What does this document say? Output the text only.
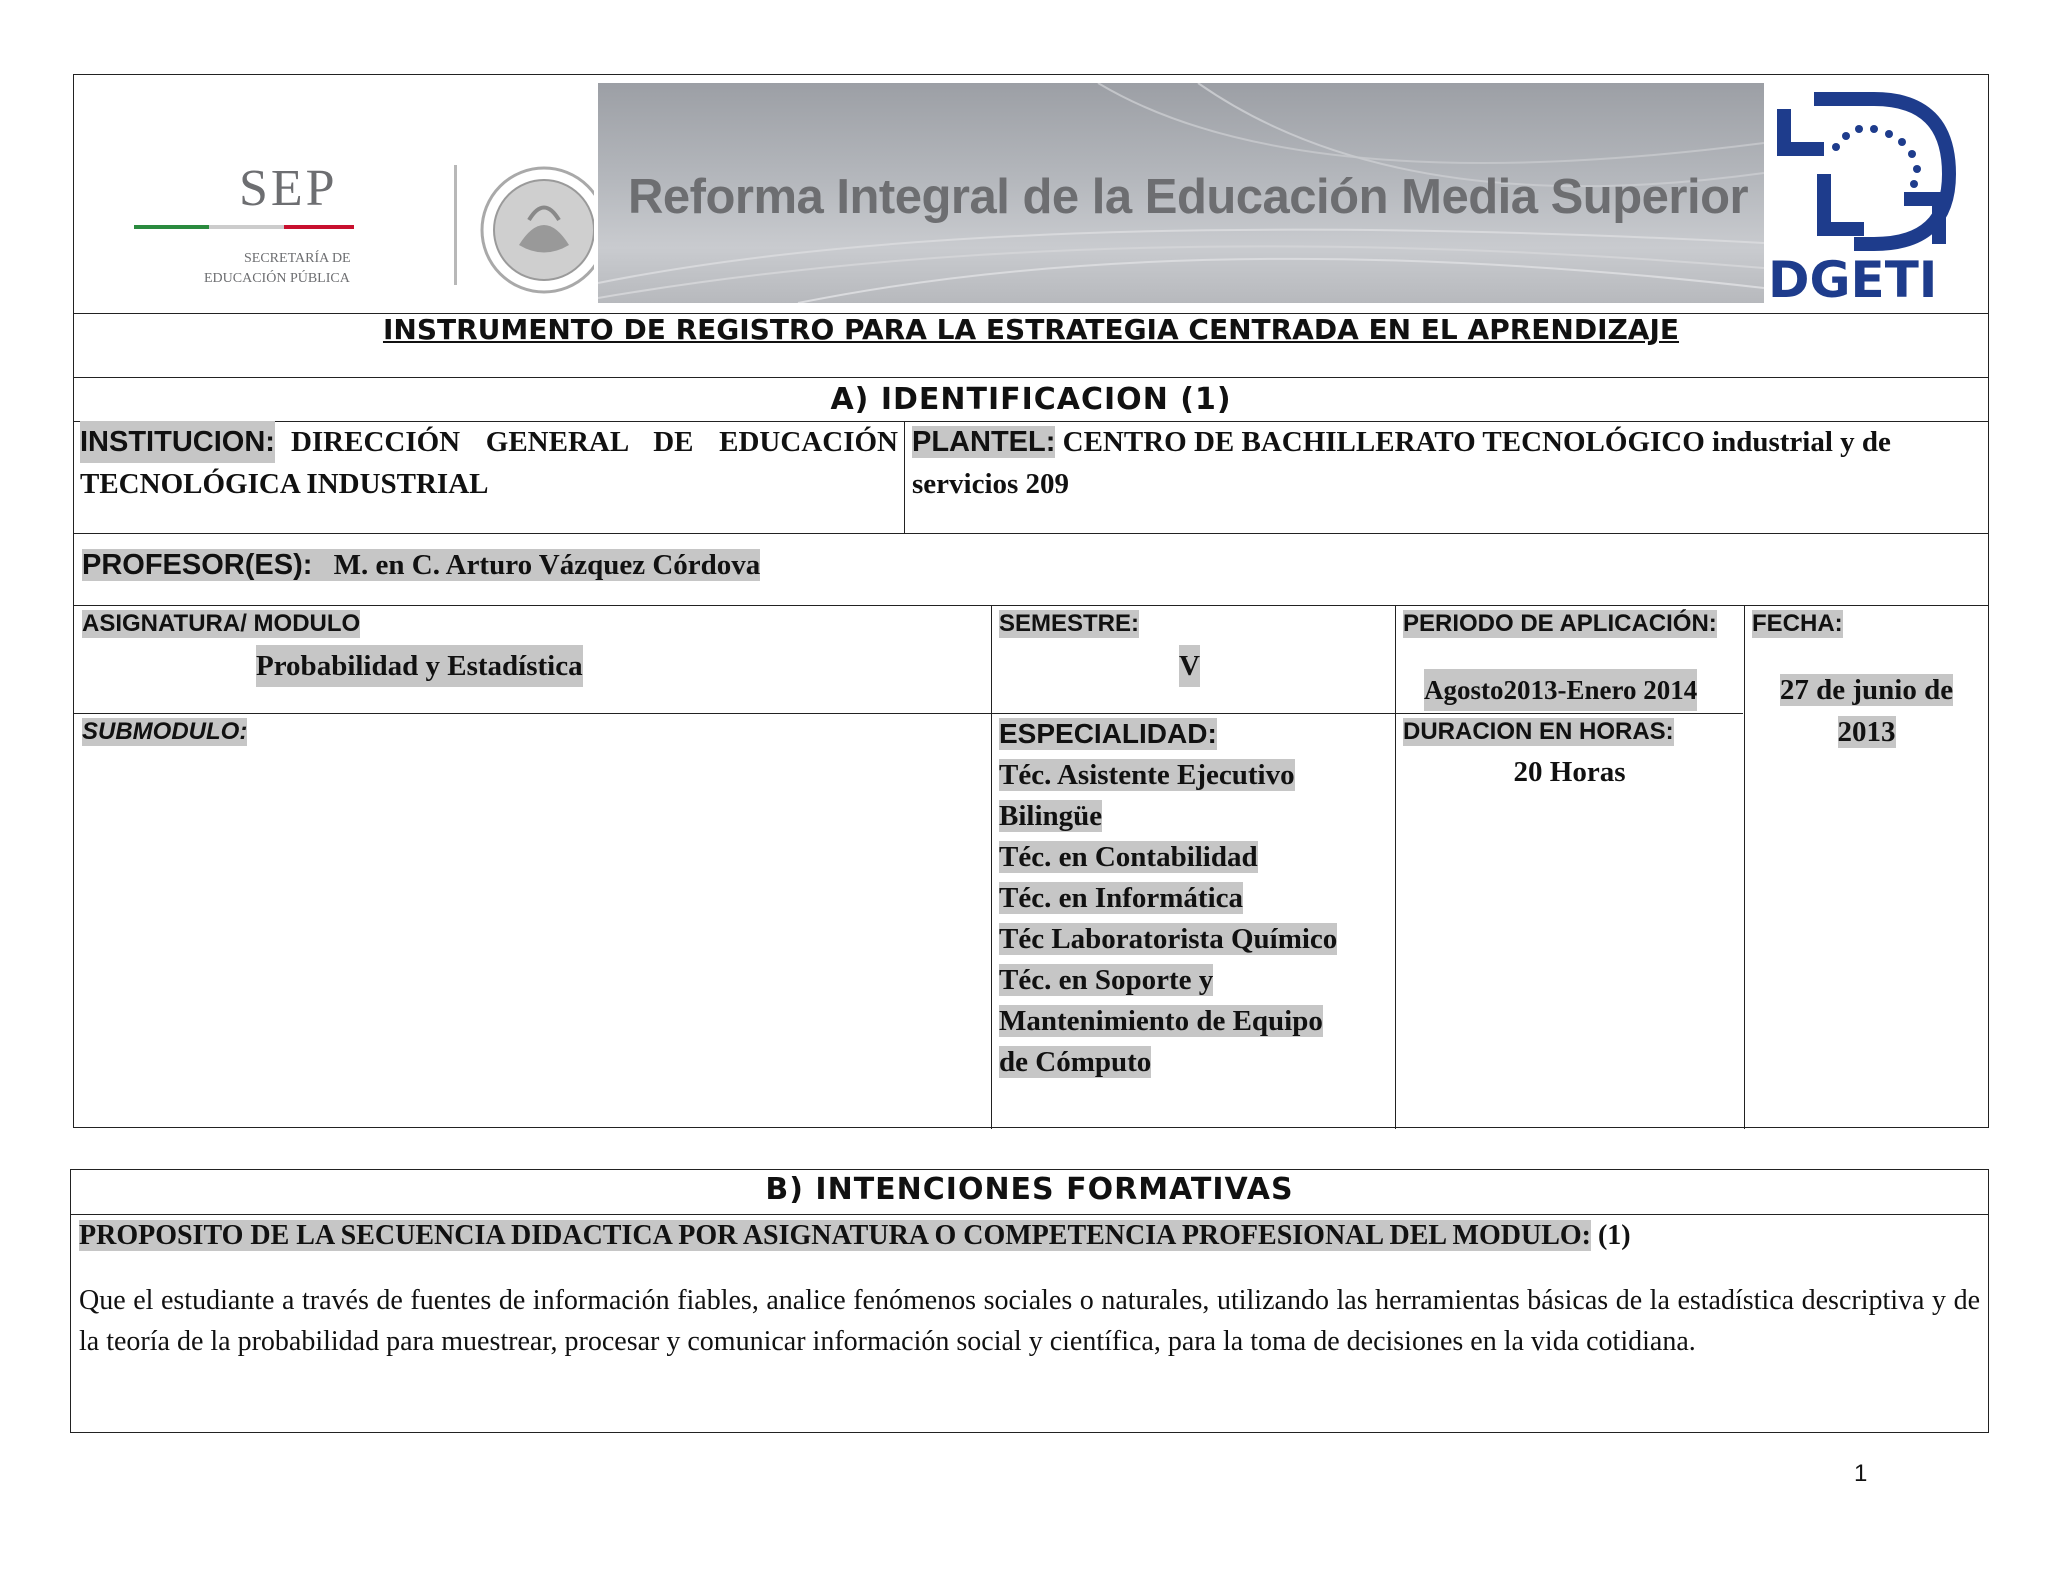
SEP
SECRETARÍA DE
EDUCACIÓN PÚBLICA
Reforma Integral de la Educación Media Superior
DGETI
INSTRUMENTO DE REGISTRO PARA LA ESTRATEGIA CENTRADA EN EL APRENDIZAJE
A) IDENTIFICACION (1)
INSTITUCION: DIRECCIÓN GENERAL DE EDUCACIÓN
TECNOLÓGICA INDUSTRIAL
PLANTEL: CENTRO DE BACHILLERATO TECNOLÓGICO industrial y de
servicios 209
PROFESOR(ES): M. en C. Arturo Vázquez Córdova
ASIGNATURA/ MODULO
Probabilidad y Estadística
SEMESTRE:
V
PERIODO DE APLICACIÓN:
Agosto2013-Enero 2014
FECHA:
27 de junio de
2013
SUBMODULO:	ESPECIALIDAD:
Téc. Asistente Ejecutivo
Bilingüe
Téc. en Contabilidad
Téc. en Informática
Téc Laboratorista Químico
Téc. en Soporte y
Mantenimiento de Equipo
de Cómputo
DURACION EN HORAS:
20 Horas
B) INTENCIONES FORMATIVAS
PROPOSITO DE LA SECUENCIA DIDACTICA POR ASIGNATURA O COMPETENCIA PROFESIONAL DEL MODULO: (1)
Que el estudiante a través de fuentes de información fiables, analice fenómenos sociales o naturales, utilizando las herramientas básicas de la estadística descriptiva y de la teoría de la probabilidad para muestrear, procesar y comunicar información social y científica, para la toma de decisiones en la vida cotidiana.
1
